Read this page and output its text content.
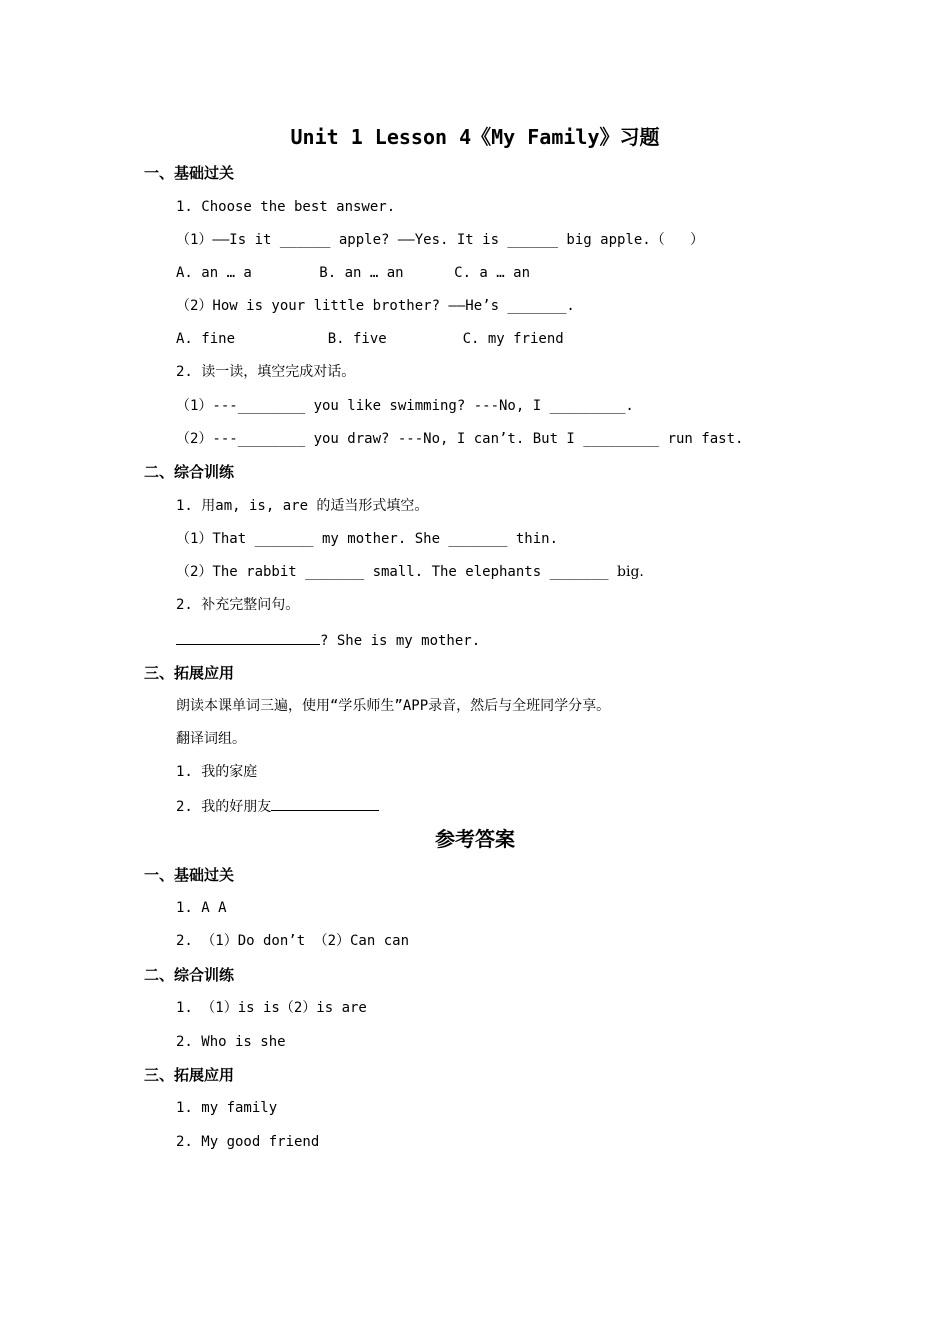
Unit 1 Lesson 4《My Family》习题
一、基础过关
1. Choose the best answer.
（1）——Is it ______ apple? ——Yes. It is ______ big apple.（   ）
A. an … a        B. an … an      C. a … an
（2）How is your little brother? ——He’s _______.
A. fine           B. five         C. my friend
2. 读一读，填空完成对话。
（1）---________ you like swimming? ---No, I _________.
（2）---________ you draw? ---No, I can’t. But I _________ run fast.
二、综合训练
1. 用am, is, are 的适当形式填空。
（1）That _______ my mother. She _______ thin.
（2）The rabbit _______ small. The elephants _______ big.
2. 补充完整问句。
? She is my mother.
三、拓展应用
朗读本课单词三遍，使用“学乐师生”APP录音，然后与全班同学分享。
翻译词组。
1. 我的家庭
2. 我的好朋友
参考答案
一、基础过关
1. A A
2. （1）Do don’t （2）Can can
二、综合训练
1. （1）is is（2）is are
2. Who is she
三、拓展应用
1. my family
2. My good friend
